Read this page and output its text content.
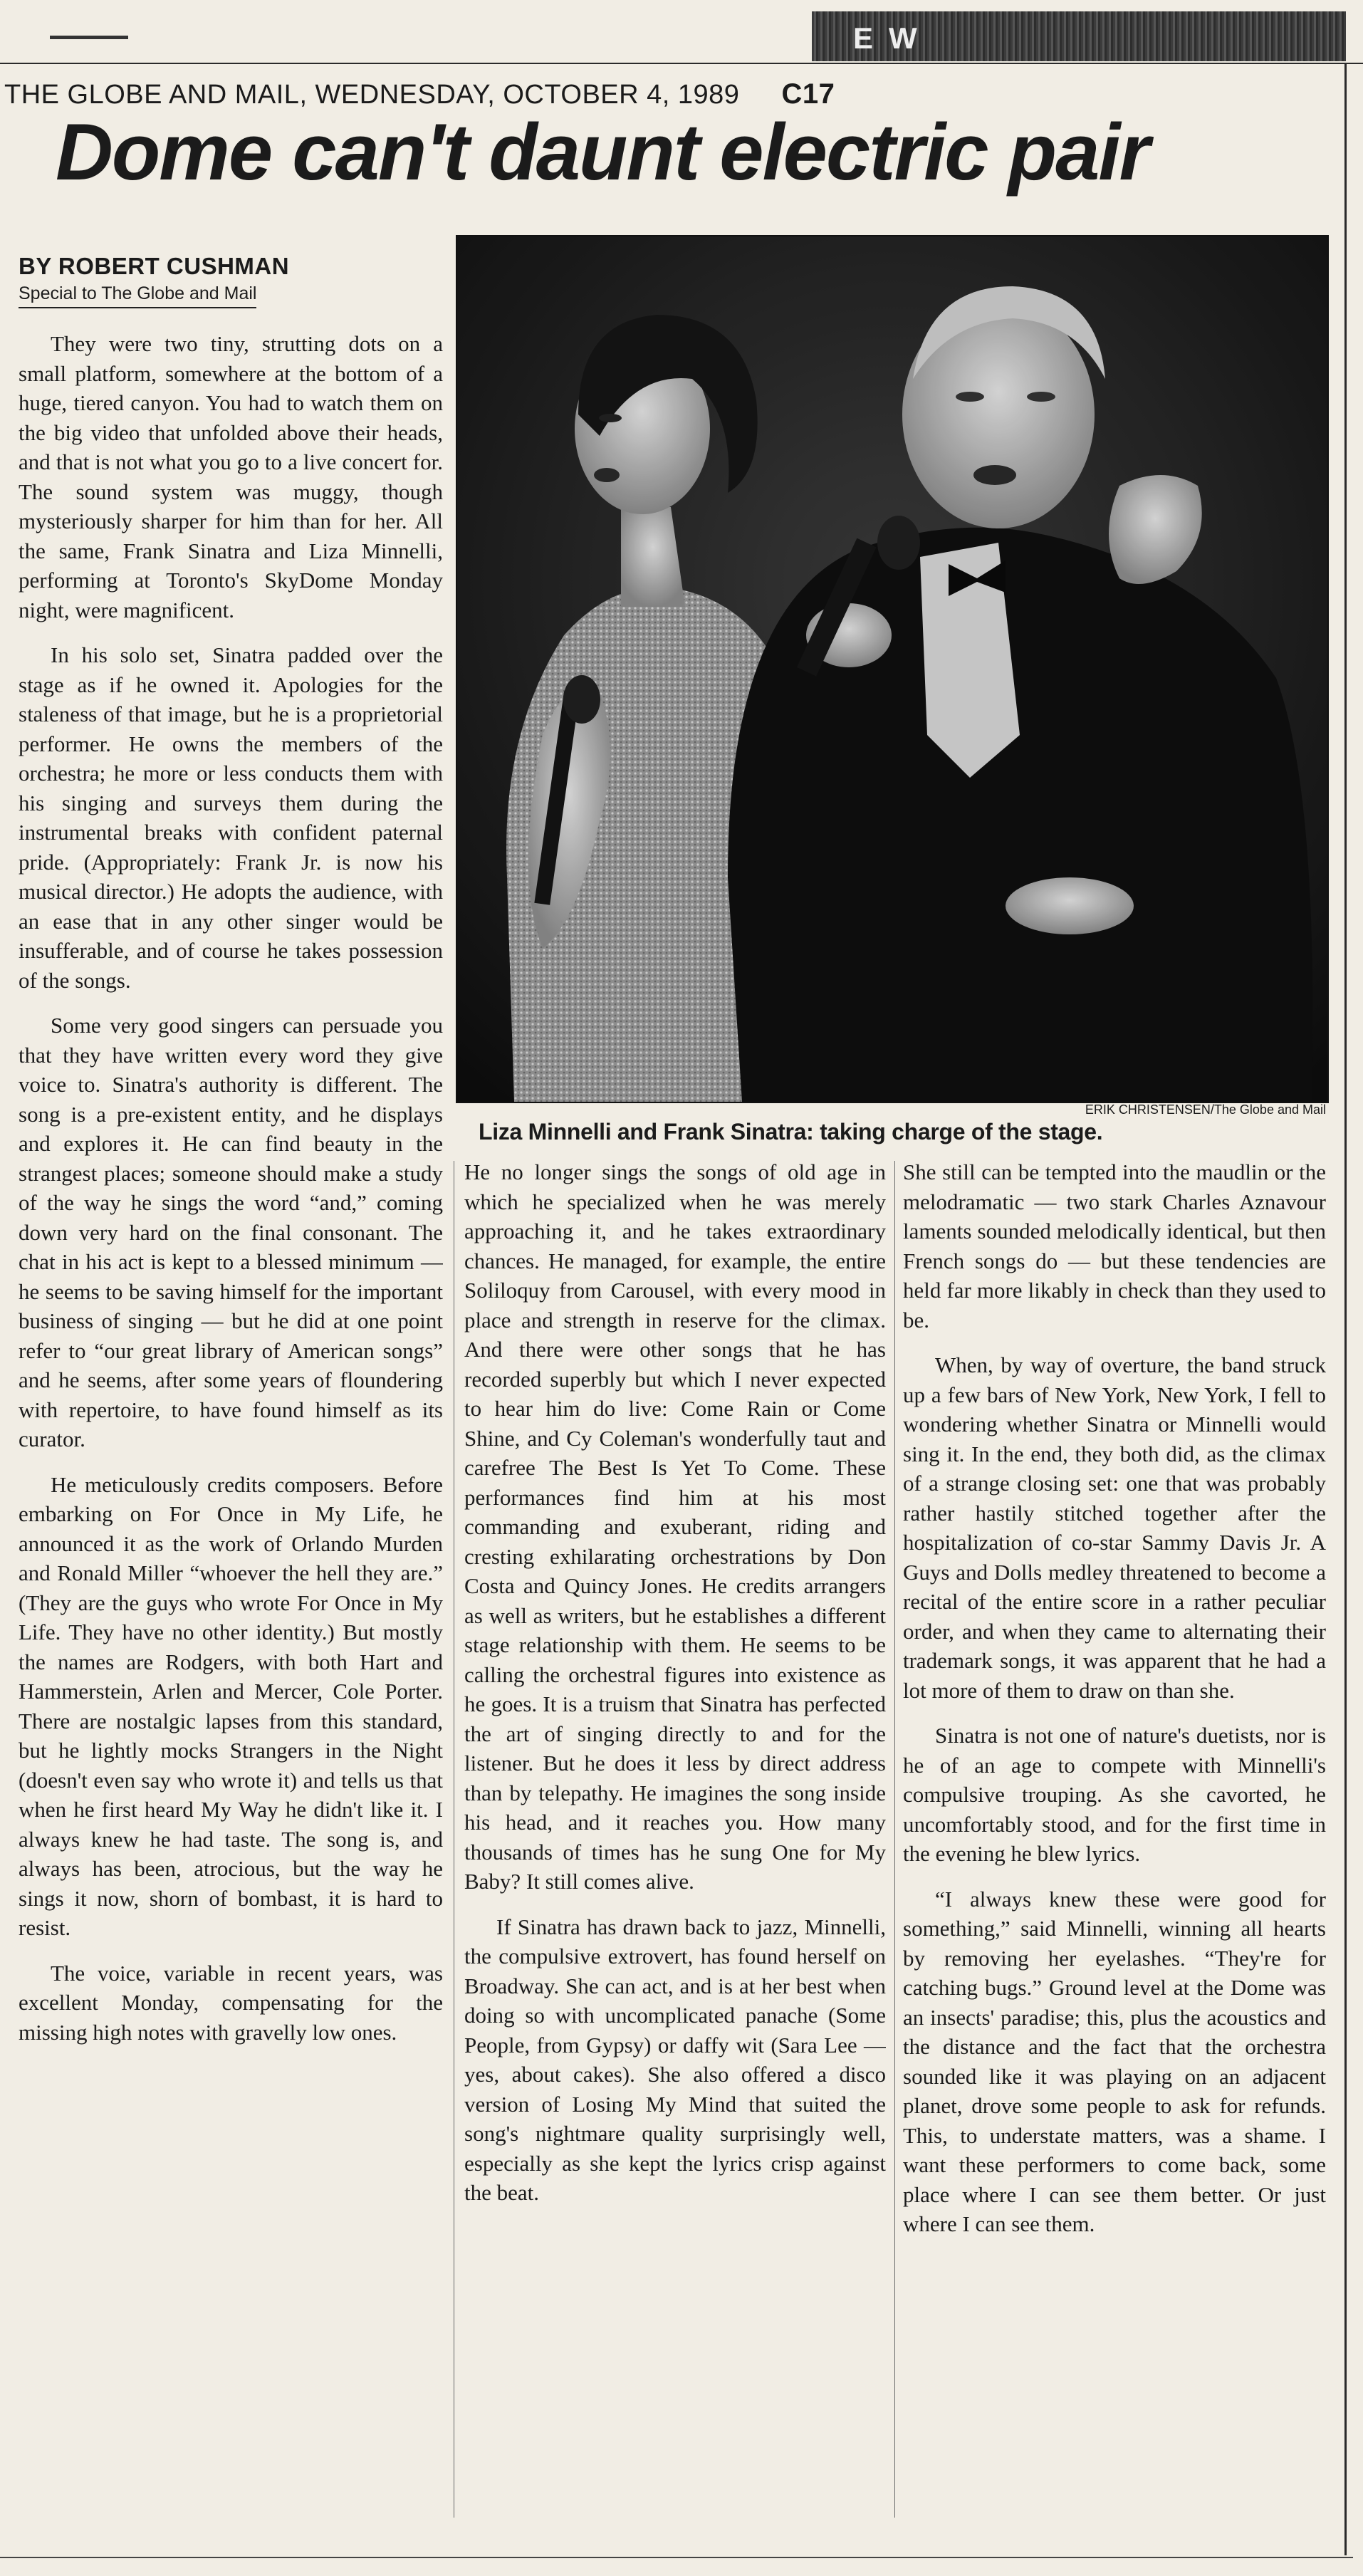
EW
THE GLOBE AND MAIL, WEDNESDAY, OCTOBER 4, 1989 C17
Dome can't daunt electric pair
BY ROBERT CUSHMAN
Special to The Globe and Mail
ERIK CHRISTENSEN/The Globe and Mail
Liza Minnelli and Frank Sinatra: taking charge of the stage.

They were two tiny, strutting dots on a small platform, somewhere at the bottom of a huge, tiered canyon. You had to watch them on the big video that unfolded above their heads, and that is not what you go to a live concert for. The sound system was muggy, though mysteriously sharper for him than for her. All the same, Frank Sinatra and Liza Minnelli, performing at Toronto's SkyDome Monday night, were magnificent.

In his solo set, Sinatra padded over the stage as if he owned it. Apologies for the staleness of that image, but he is a proprietorial performer. He owns the members of the orchestra; he more or less conducts them with his singing and surveys them during the instrumental breaks with confident paternal pride. (Appropriately: Frank Jr. is now his musical director.) He adopts the audience, with an ease that in any other singer would be insufferable, and of course he takes possession of the songs.

Some very good singers can persuade you that they have written every word they give voice to. Sinatra's authority is different. The song is a pre-existent entity, and he displays and explores it. He can find beauty in the strangest places; someone should make a study of the way he sings the word “and,” coming down very hard on the final consonant. The chat in his act is kept to a blessed minimum — he seems to be saving himself for the important business of singing — but he did at one point refer to “our great library of American songs” and he seems, after some years of floundering with repertoire, to have found himself as its curator.

He meticulously credits composers. Before embarking on For Once in My Life, he announced it as the work of Orlando Murden and Ronald Miller “whoever the hell they are.” (They are the guys who wrote For Once in My Life. They have no other identity.) But mostly the names are Rodgers, with both Hart and Hammerstein, Arlen and Mercer, Cole Porter. There are nostalgic lapses from this standard, but he lightly mocks Strangers in the Night (doesn't even say who wrote it) and tells us that when he first heard My Way he didn't like it. I always knew he had taste. The song is, and always has been, atrocious, but the way he sings it now, shorn of bombast, it is hard to resist.

The voice, variable in recent years, was excellent Monday, compensating for the missing high notes with gravelly low ones.

He no longer sings the songs of old age in which he specialized when he was merely approaching it, and he takes extraordinary chances. He managed, for example, the entire Soliloquy from Carousel, with every mood in place and strength in reserve for the climax. And there were other songs that he has recorded superbly but which I never expected to hear him do live: Come Rain or Come Shine, and Cy Coleman's wonderfully taut and carefree The Best Is Yet To Come. These performances find him at his most commanding and exuberant, riding and cresting exhilarating orchestrations by Don Costa and Quincy Jones. He credits arrangers as well as writers, but he establishes a different stage relationship with them. He seems to be calling the orchestral figures into existence as he goes. It is a truism that Sinatra has perfected the art of singing directly to and for the listener. But he does it less by direct address than by telepathy. He imagines the song inside his head, and it reaches you. How many thousands of times has he sung One for My Baby? It still comes alive.

If Sinatra has drawn back to jazz, Minnelli, the compulsive extrovert, has found herself on Broadway. She can act, and is at her best when doing so with uncomplicated panache (Some People, from Gypsy) or daffy wit (Sara Lee — yes, about cakes). She also offered a disco version of Losing My Mind that suited the song's nightmare quality surprisingly well, especially as she kept the lyrics crisp against the beat.

She still can be tempted into the maudlin or the melodramatic — two stark Charles Aznavour laments sounded melodically identical, but then French songs do — but these tendencies are held far more likably in check than they used to be.

When, by way of overture, the band struck up a few bars of New York, New York, I fell to wondering whether Sinatra or Minnelli would sing it. In the end, they both did, as the climax of a strange closing set: one that was probably rather hastily stitched together after the hospitalization of co-star Sammy Davis Jr. A Guys and Dolls medley threatened to become a recital of the entire score in a rather peculiar order, and when they came to alternating their trademark songs, it was apparent that he had a lot more of them to draw on than she.

Sinatra is not one of nature's duetists, nor is he of an age to compete with Minnelli's compulsive trouping. As she cavorted, he uncomfortably stood, and for the first time in the evening he blew lyrics.

“I always knew these were good for something,” said Minnelli, winning all hearts by removing her eyelashes. “They're for catching bugs.” Ground level at the Dome was an insects' paradise; this, plus the acoustics and the distance and the fact that the orchestra sounded like it was playing on an adjacent planet, drove some people to ask for refunds. This, to understate matters, was a shame. I want these performers to come back, some place where I can see them better. Or just where I can see them.
